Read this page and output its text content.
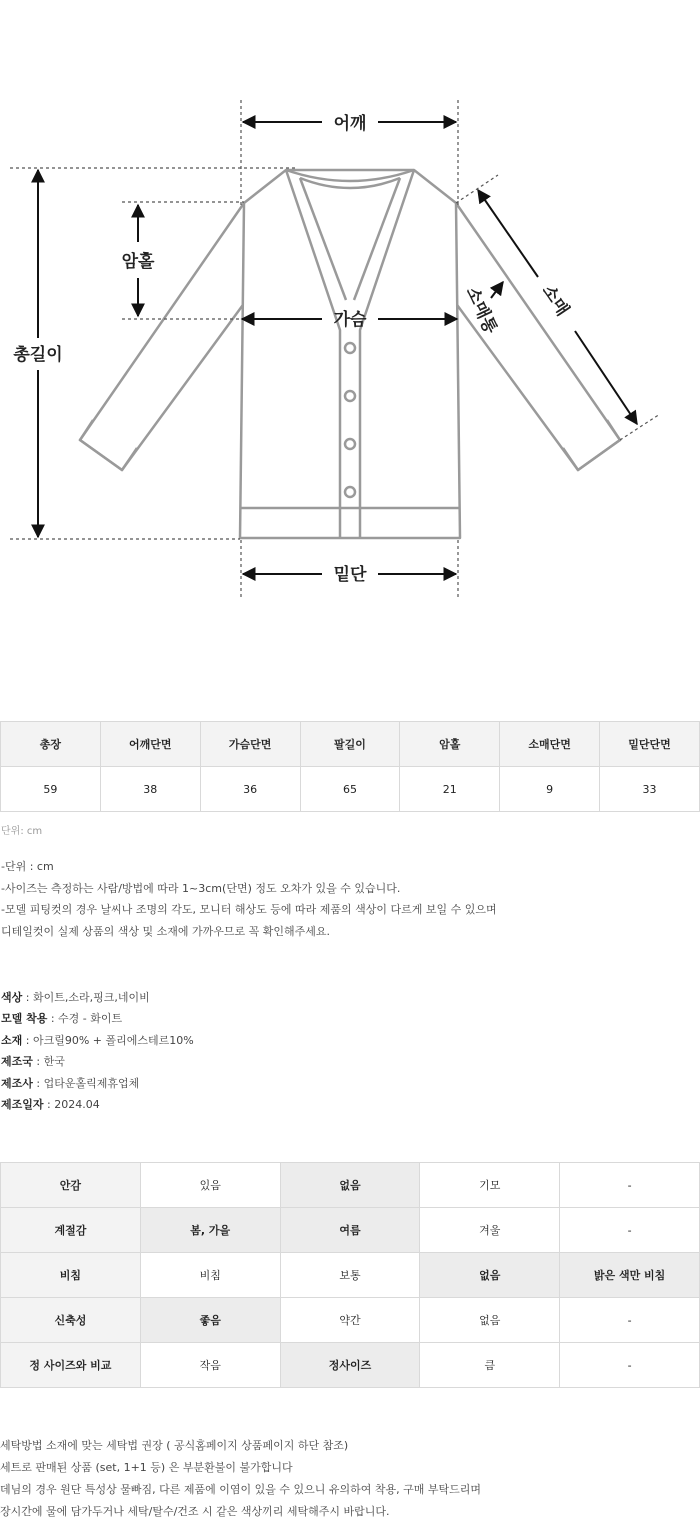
어깨
암홀
총길이
가슴
밑단
소매
소매통
총장	어깨단면	가슴단면	팔길이	암홀	소매단면	밑단단면
59	38	36	65	21	9	33
단위: cm
-단위 : cm
-사이즈는 측정하는 사람/방법에 따라 1~3cm(단면) 정도 오차가 있을 수 있습니다.
-모델 피팅컷의 경우 날씨나 조명의 각도, 모니터 해상도 등에 따라 제품의 색상이 다르게 보일 수 있으며
디테일컷이 실제 상품의 색상 및 소재에 가까우므로 꼭 확인해주세요.
색상 : 화이트,소라,핑크,네이비
모델 착용 : 수경 - 화이트
소재 : 아크릴90% + 폴리에스테르10%
제조국 : 한국
제조사 : 업타운홀릭제휴업체
제조일자 : 2024.04
안감	있음	없음	기모	-
계절감	봄, 가을	여름	겨울	-
비침	비침	보통	없음	밝은 색만 비침
신축성	좋음	약간	없음	-
정 사이즈와 비교	작음	정사이즈	큼	-
세탁방법 소재에 맞는 세탁법 권장 ( 공식홈페이지 상품페이지 하단 참조)
세트로 판매된 상품 (set, 1+1 등) 은 부분환불이 불가합니다
데님의 경우 원단 특성상 물빠짐, 다른 제품에 이염이 있을 수 있으니 유의하여 착용, 구매 부탁드리며
장시간에 물에 담가두거나 세탁/탈수/건조 시 같은 색상끼리 세탁해주시 바랍니다.
